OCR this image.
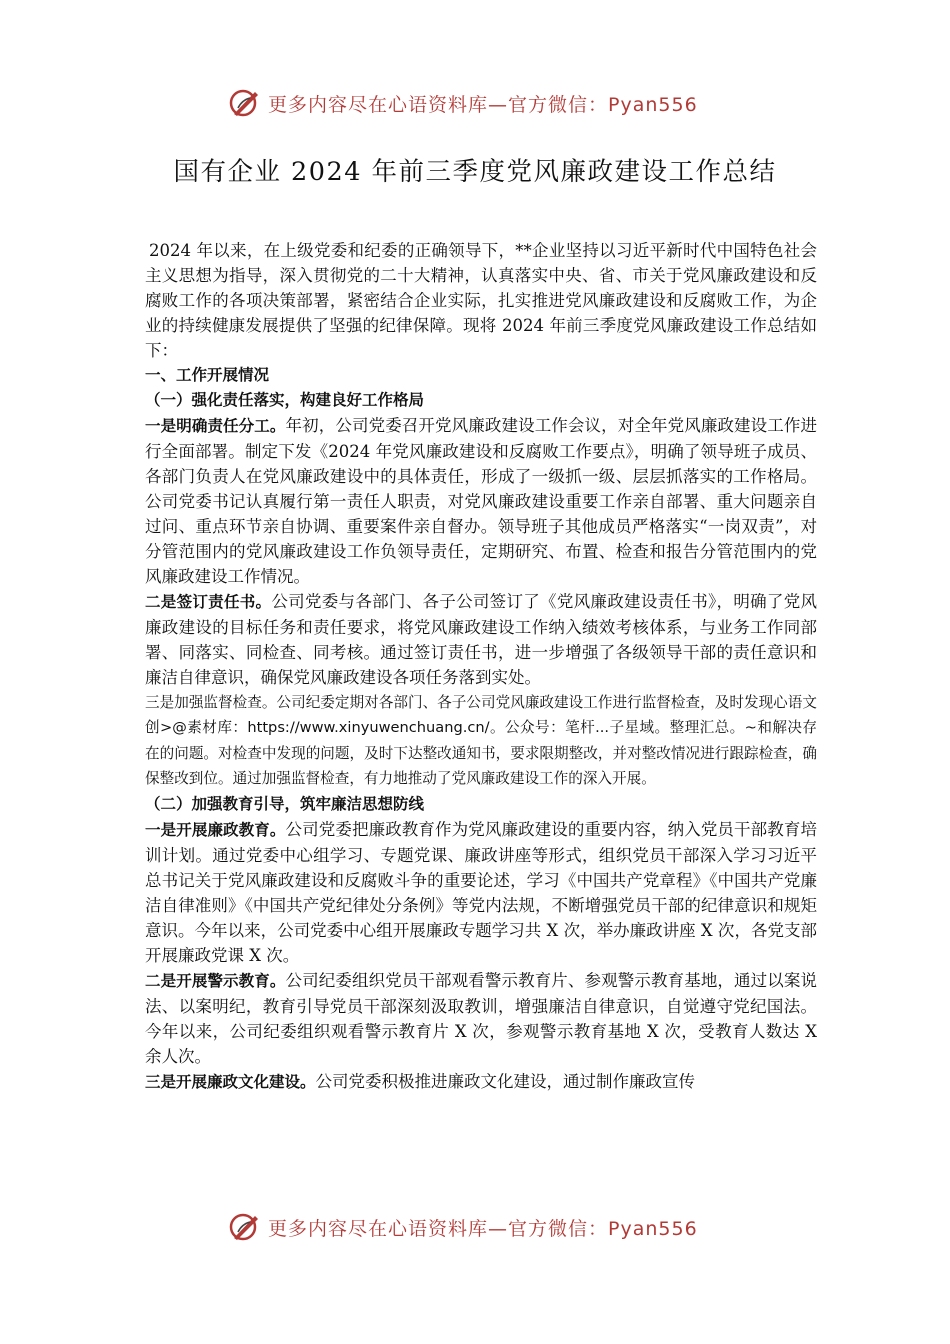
更多内容尽在心语资料库—官方微信：Pyan556
国有企业 2024 年前三季度党风廉政建设工作总结

2024 年以来，在上级党委和纪委的正确领导下，**企业坚持以习近平新时代中国特色社会主义思想为指导，深入贯彻党的二十大精神，认真落实中央、省、市关于党风廉政建设和反腐败工作的各项决策部署，紧密结合企业实际，扎实推进党风廉政建设和反腐败工作，为企业的持续健康发展提供了坚强的纪律保障。现将 2024 年前三季度党风廉政建设工作总结如下：

一、工作开展情况

（一）强化责任落实，构建良好工作格局

一是明确责任分工。年初，公司党委召开党风廉政建设工作会议，对全年党风廉政建设工作进行全面部署。制定下发《2024 年党风廉政建设和反腐败工作要点》，明确了领导班子成员、各部门负责人在党风廉政建设中的具体责任，形成了一级抓一级、层层抓落实的工作格局。公司党委书记认真履行第一责任人职责，对党风廉政建设重要工作亲自部署、重大问题亲自过问、重点环节亲自协调、重要案件亲自督办。领导班子其他成员严格落实“一岗双责”，对分管范围内的党风廉政建设工作负领导责任，定期研究、布置、检查和报告分管范围内的党风廉政建设工作情况。

二是签订责任书。公司党委与各部门、各子公司签订了《党风廉政建设责任书》，明确了党风廉政建设的目标任务和责任要求，将党风廉政建设工作纳入绩效考核体系，与业务工作同部署、同落实、同检查、同考核。通过签订责任书，进一步增强了各级领导干部的责任意识和廉洁自律意识，确保党风廉政建设各项任务落到实处。

三是加强监督检查。公司纪委定期对各部门、各子公司党风廉政建设工作进行监督检查，及时发现心语文创>@素材库：https://www.xinyuwenchuang.cn/。公众号：笔杆...子星域。整理汇总。~和解决存在的问题。对检查中发现的问题，及时下达整改通知书，要求限期整改，并对整改情况进行跟踪检查，确保整改到位。通过加强监督检查，有力地推动了党风廉政建设工作的深入开展。

（二）加强教育引导，筑牢廉洁思想防线

一是开展廉政教育。公司党委把廉政教育作为党风廉政建设的重要内容，纳入党员干部教育培训计划。通过党委中心组学习、专题党课、廉政讲座等形式，组织党员干部深入学习习近平总书记关于党风廉政建设和反腐败斗争的重要论述，学习《中国共产党章程》《中国共产党廉洁自律准则》《中国共产党纪律处分条例》等党内法规，不断增强党员干部的纪律意识和规矩意识。今年以来，公司党委中心组开展廉政专题学习共 X 次，举办廉政讲座 X 次，各党支部开展廉政党课 X 次。

二是开展警示教育。公司纪委组织党员干部观看警示教育片、参观警示教育基地，通过以案说法、以案明纪，教育引导党员干部深刻汲取教训，增强廉洁自律意识，自觉遵守党纪国法。今年以来，公司纪委组织观看警示教育片 X 次，参观警示教育基地 X 次，受教育人数达 X 余人次。

三是开展廉政文化建设。公司党委积极推进廉政文化建设，通过制作廉政宣传

更多内容尽在心语资料库—官方微信：Pyan556
